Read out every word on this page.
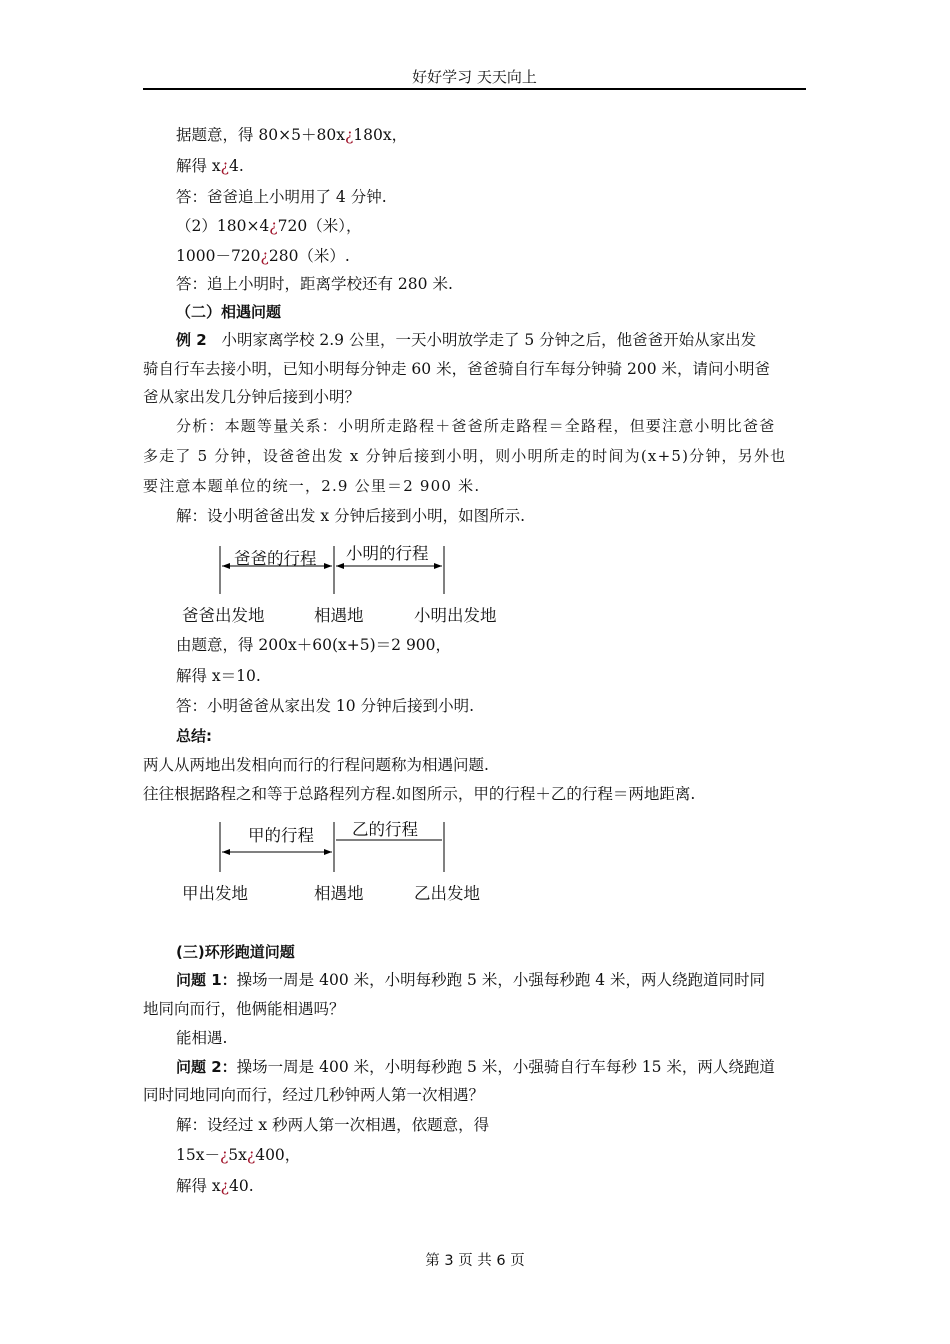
好好学习 天天向上
据题意，得 80×5＋80x¿180x，
解得 x¿4.
答：爸爸追上小明用了 4 分钟.
（2）180×4¿720（米），
1000－720¿280（米）.
答：追上小明时，距离学校还有 280 米.
（二）相遇问题
例 2 小明家离学校 2.9 公里，一天小明放学走了 5 分钟之后，他爸爸开始从家出发
骑自行车去接小明，已知小明每分钟走 60 米，爸爸骑自行车每分钟骑 200 米，请问小明爸
爸从家出发几分钟后接到小明？
分析：本题等量关系：小明所走路程＋爸爸所走路程＝全路程，但要注意小明比爸爸
多走了 5 分钟，设爸爸出发 x 分钟后接到小明，则小明所走的时间为(x+5)分钟，另外也
要注意本题单位的统一，2.9 公里＝2 900 米.
解：设小明爸爸出发 x 分钟后接到小明，如图所示.
爸爸的行程 小明的行程
爸爸出发地	相遇地	小明出发地
由题意，得 200x＋60(x+5)＝2 900，
解得 x＝10.
答：小明爸爸从家出发 10 分钟后接到小明.
总结:
两人从两地出发相向而行的行程问题称为相遇问题.
往往根据路程之和等于总路程列方程.如图所示，甲的行程＋乙的行程＝两地距离.
甲的行程 乙的行程
甲出发地	相遇地	乙出发地
(三)环形跑道问题
问题 1：操场一周是 400 米，小明每秒跑 5 米，小强每秒跑 4 米，两人绕跑道同时同
地同向而行，他俩能相遇吗？
能相遇.
问题 2：操场一周是 400 米，小明每秒跑 5 米，小强骑自行车每秒 15 米，两人绕跑道
同时同地同向而行，经过几秒钟两人第一次相遇？
解：设经过 x 秒两人第一次相遇，依题意，得
15x－¿5x¿400，
解得 x¿40.
第 3 页 共 6 页
